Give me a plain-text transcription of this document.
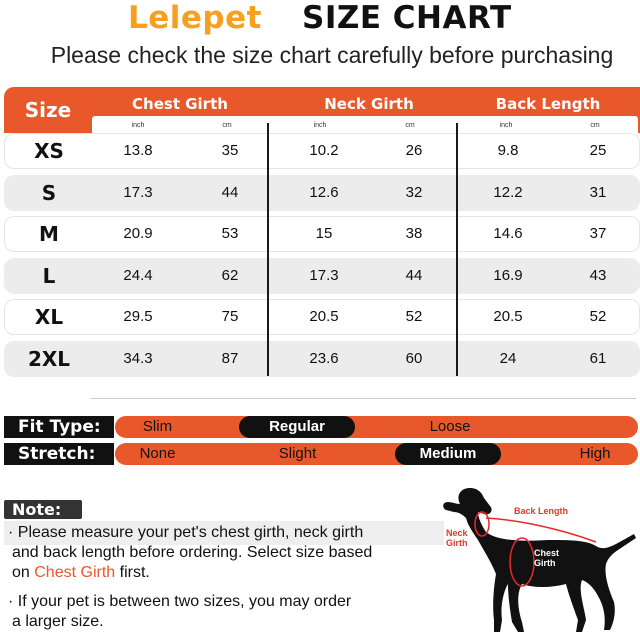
Lelepet SIZE CHART
Please check the size chart carefully before purchasing
Size	Chest Girth	Neck Girth	Back Length
inch	cm	inch	cm	inch	cm
XS	13.8	35	10.2	26	9.8	25
S	17.3	44	12.6	32	12.2	31
M	20.9	53	15	38	14.6	37
L	24.4	62	17.3	44	16.9	43
XL	29.5	75	20.5	52	20.5	52
2XL	34.3	87	23.6	60	24	61
Fit Type:	Slim	Regular	Loose
Stretch:	None	Slight	Medium	High
Note:
· Please measure your pet's chest girth, neck girth
and back length before ordering. Select size based
on Chest Girth first.
· If your pet is between two sizes, you may order
a larger size.
Back Length
Neck
Girth
Chest
Girth
